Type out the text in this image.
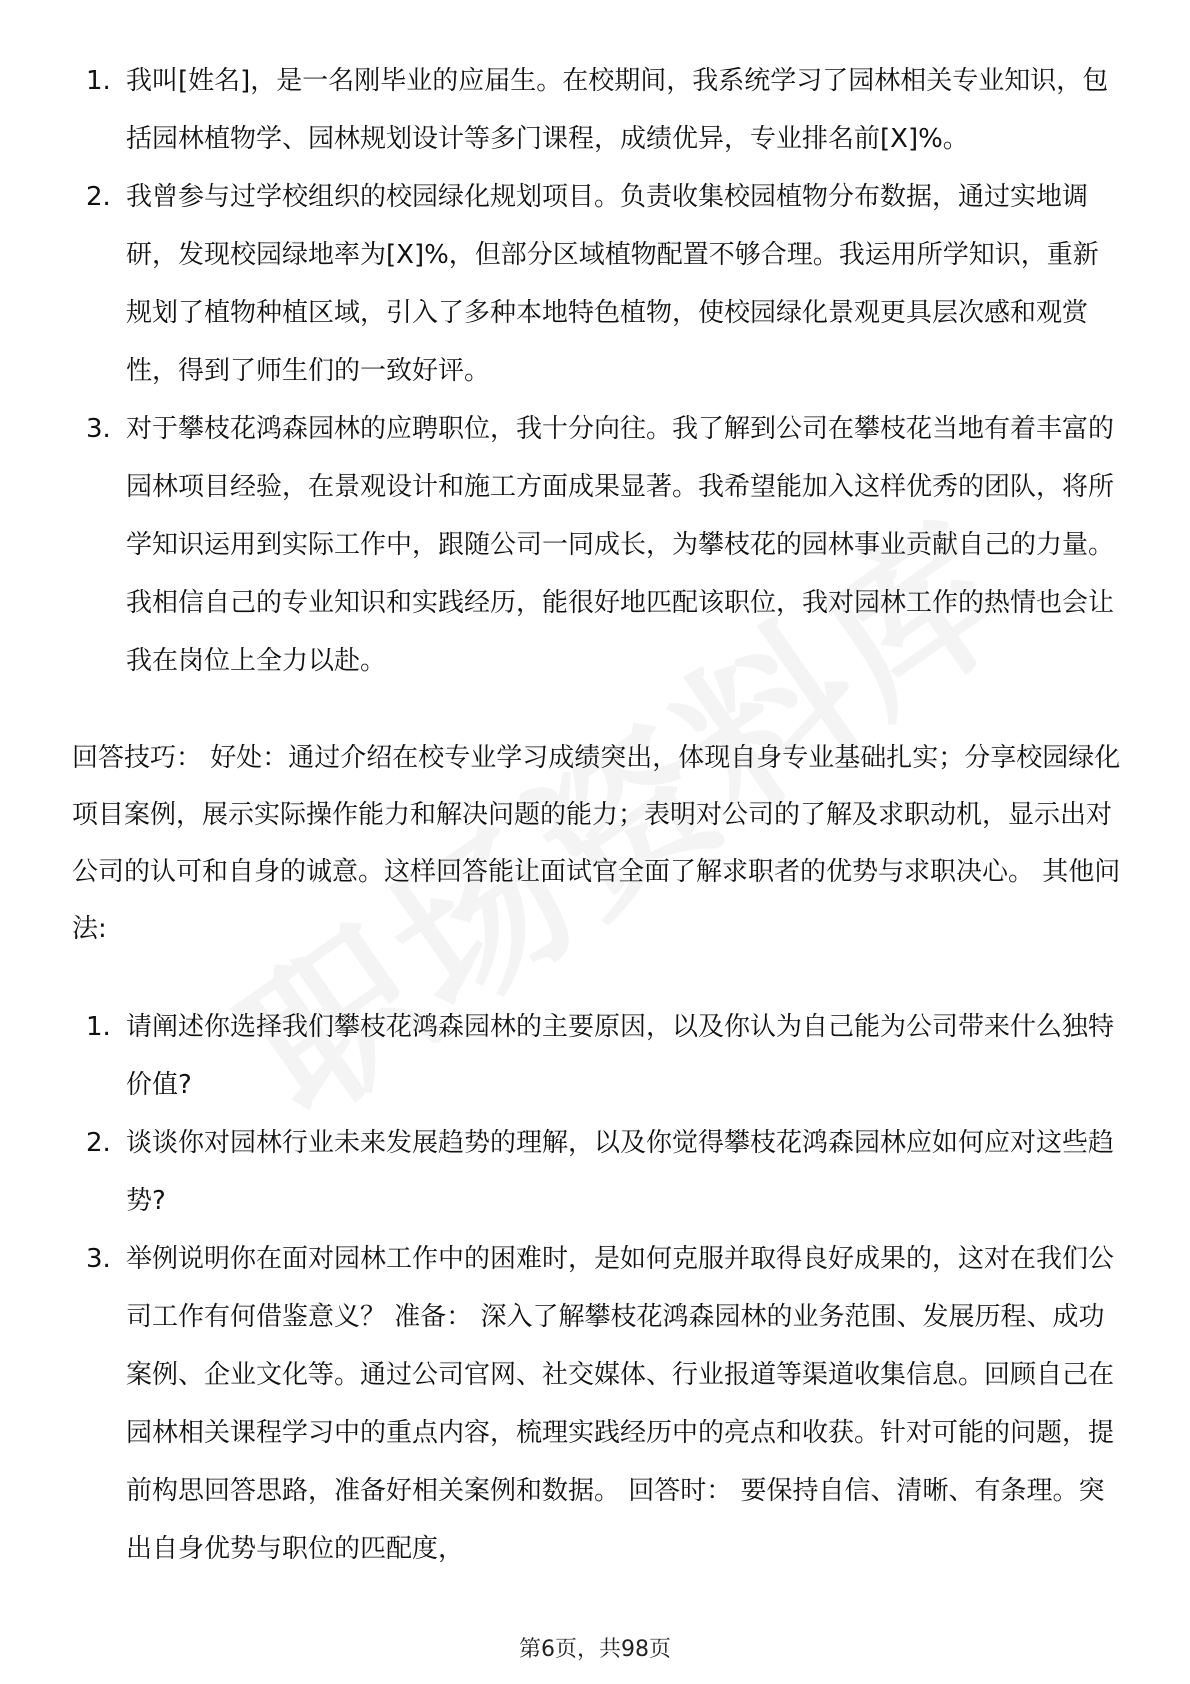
1. 我叫[姓名]，是一名刚毕业的应届生。在校期间，我系统学习了园林相关专业知识，包括园林植物学、园林规划设计等多门课程，成绩优异，专业排名前[X]%。
2. 我曾参与过学校组织的校园绿化规划项目。负责收集校园植物分布数据，通过实地调研，发现校园绿地率为[X]%，但部分区域植物配置不够合理。我运用所学知识，重新规划了植物种植区域，引入了多种本地特色植物，使校园绿化景观更具层次感和观赏性，得到了师生们的一致好评。
3. 对于攀枝花鸿森园林的应聘职位，我十分向往。我了解到公司在攀枝花当地有着丰富的园林项目经验，在景观设计和施工方面成果显著。我希望能加入这样优秀的团队，将所学知识运用到实际工作中，跟随公司一同成长，为攀枝花的园林事业贡献自己的力量。我相信自己的专业知识和实践经历，能很好地匹配该职位，我对园林工作的热情也会让我在岗位上全力以赴。

回答技巧： 好处：通过介绍在校专业学习成绩突出，体现自身专业基础扎实；分享校园绿化项目案例，展示实际操作能力和解决问题的能力；表明对公司的了解及求职动机，显示出对公司的认可和自身的诚意。这样回答能让面试官全面了解求职者的优势与求职决心。 其他问法:

1. 请阐述你选择我们攀枝花鸿森园林的主要原因，以及你认为自己能为公司带来什么独特价值?
2. 谈谈你对园林行业未来发展趋势的理解，以及你觉得攀枝花鸿森园林应如何应对这些趋势?
3. 举例说明你在面对园林工作中的困难时，是如何克服并取得良好成果的，这对在我们公司工作有何借鉴意义？ 准备： 深入了解攀枝花鸿森园林的业务范围、发展历程、成功案例、企业文化等。通过公司官网、社交媒体、行业报道等渠道收集信息。回顾自己在园林相关课程学习中的重点内容，梳理实践经历中的亮点和收获。针对可能的问题，提前构思回答思路，准备好相关案例和数据。 回答时： 要保持自信、清晰、有条理。突出自身优势与职位的匹配度，
第6页，共98页
